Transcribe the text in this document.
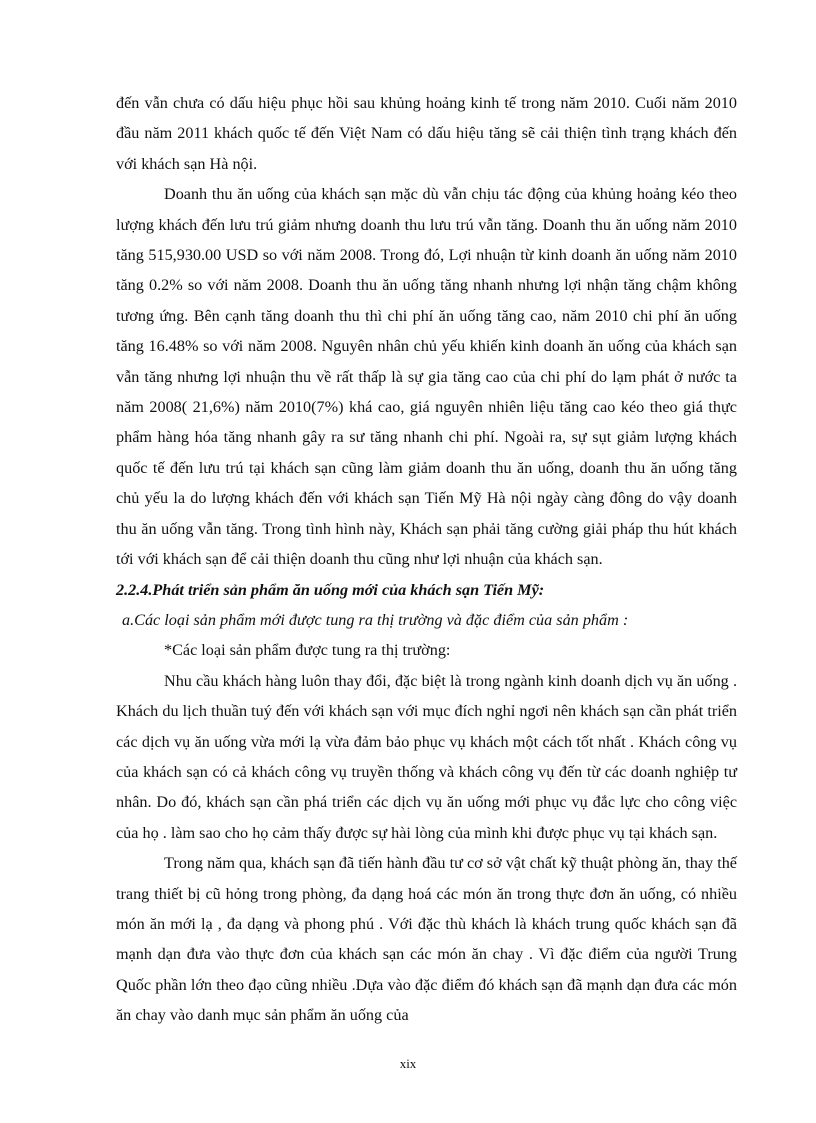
đến vẫn chưa có dấu hiệu phục hồi sau khủng hoảng kinh tế trong năm 2010. Cuối năm 2010 đầu năm 2011 khách quốc tế đến Việt Nam có dấu hiệu tăng sẽ cải thiện tình trạng khách đến với khách sạn Hà nội.

Doanh thu ăn uống của khách sạn mặc dù vẫn chịu tác động của khủng hoảng kéo theo lượng khách đến lưu trú giảm nhưng doanh thu lưu trú vẫn tăng. Doanh thu ăn uống năm 2010 tăng 515,930.00 USD so với năm 2008. Trong đó, Lợi nhuận từ kinh doanh ăn uống năm 2010 tăng 0.2% so với năm 2008. Doanh thu ăn uống tăng nhanh nhưng lợi nhận tăng chậm không tương ứng. Bên cạnh tăng doanh thu thì chi phí ăn uống tăng cao, năm 2010 chi phí ăn uống tăng 16.48% so với năm 2008. Nguyên nhân chủ yếu khiến kinh doanh ăn uống của khách sạn vẫn tăng nhưng lợi nhuận thu về rất thấp là sự gia tăng cao của chi phí do lạm phát ở nước ta năm 2008( 21,6%) năm 2010(7%) khá cao, giá nguyên nhiên liệu tăng cao kéo theo giá thực phẩm hàng hóa tăng nhanh gây ra sư tăng nhanh chi phí. Ngoài ra, sự sụt giảm lượng khách quốc tế đến lưu trú tại khách sạn cũng làm giảm doanh thu ăn uống, doanh thu ăn uống tăng chủ yếu la do lượng khách đến với khách sạn Tiến Mỹ Hà nội ngày càng đông do vậy doanh thu ăn uống vẫn tăng. Trong tình hình này, Khách sạn phải tăng cường giải pháp thu hút khách tới với khách sạn để cải thiện doanh thu cũng như lợi nhuận của khách sạn.

2.2.4.Phát triển sản phẩm ăn uống mới của khách sạn Tiến Mỹ:

a.Các loại sản phẩm mới được tung ra thị trường và đặc điểm của sản phẩm :

*Các loại sản phẩm được tung ra thị trường:

Nhu cầu khách hàng luôn thay đổi, đặc biệt là trong ngành kinh doanh dịch vụ ăn uống . Khách du lịch thuần tuý đến với khách sạn với mục đích nghỉ ngơi nên khách sạn cần phát triển các dịch vụ ăn uống vừa mới lạ vừa đảm bảo phục vụ khách một cách tốt nhất . Khách công vụ của khách sạn có cả khách công vụ truyền thống và khách công vụ đến từ các doanh nghiệp tư nhân. Do đó, khách sạn cần phá triển các dịch vụ ăn uống mới phục vụ đắc lực cho công việc của họ . làm sao cho họ cảm thấy được sự hài lòng của mình khi được phục vụ tại khách sạn.

Trong năm qua, khách sạn đã tiến hành đầu tư cơ sở vật chất kỹ thuật phòng ăn, thay thế trang thiết bị cũ hỏng trong phòng, đa dạng hoá các món ăn trong thực đơn ăn uống, có nhiều món ăn mới lạ , đa dạng và phong phú . Với đặc thù khách là khách trung quốc khách sạn đã mạnh dạn đưa vào thực đơn của khách sạn các món ăn chay . Vì đặc điểm của người Trung Quốc phần lớn theo đạo cũng nhiều .Dựa vào đặc điểm đó khách sạn đã mạnh dạn đưa các món ăn chay vào danh mục sản phẩm ăn uống của

xix
